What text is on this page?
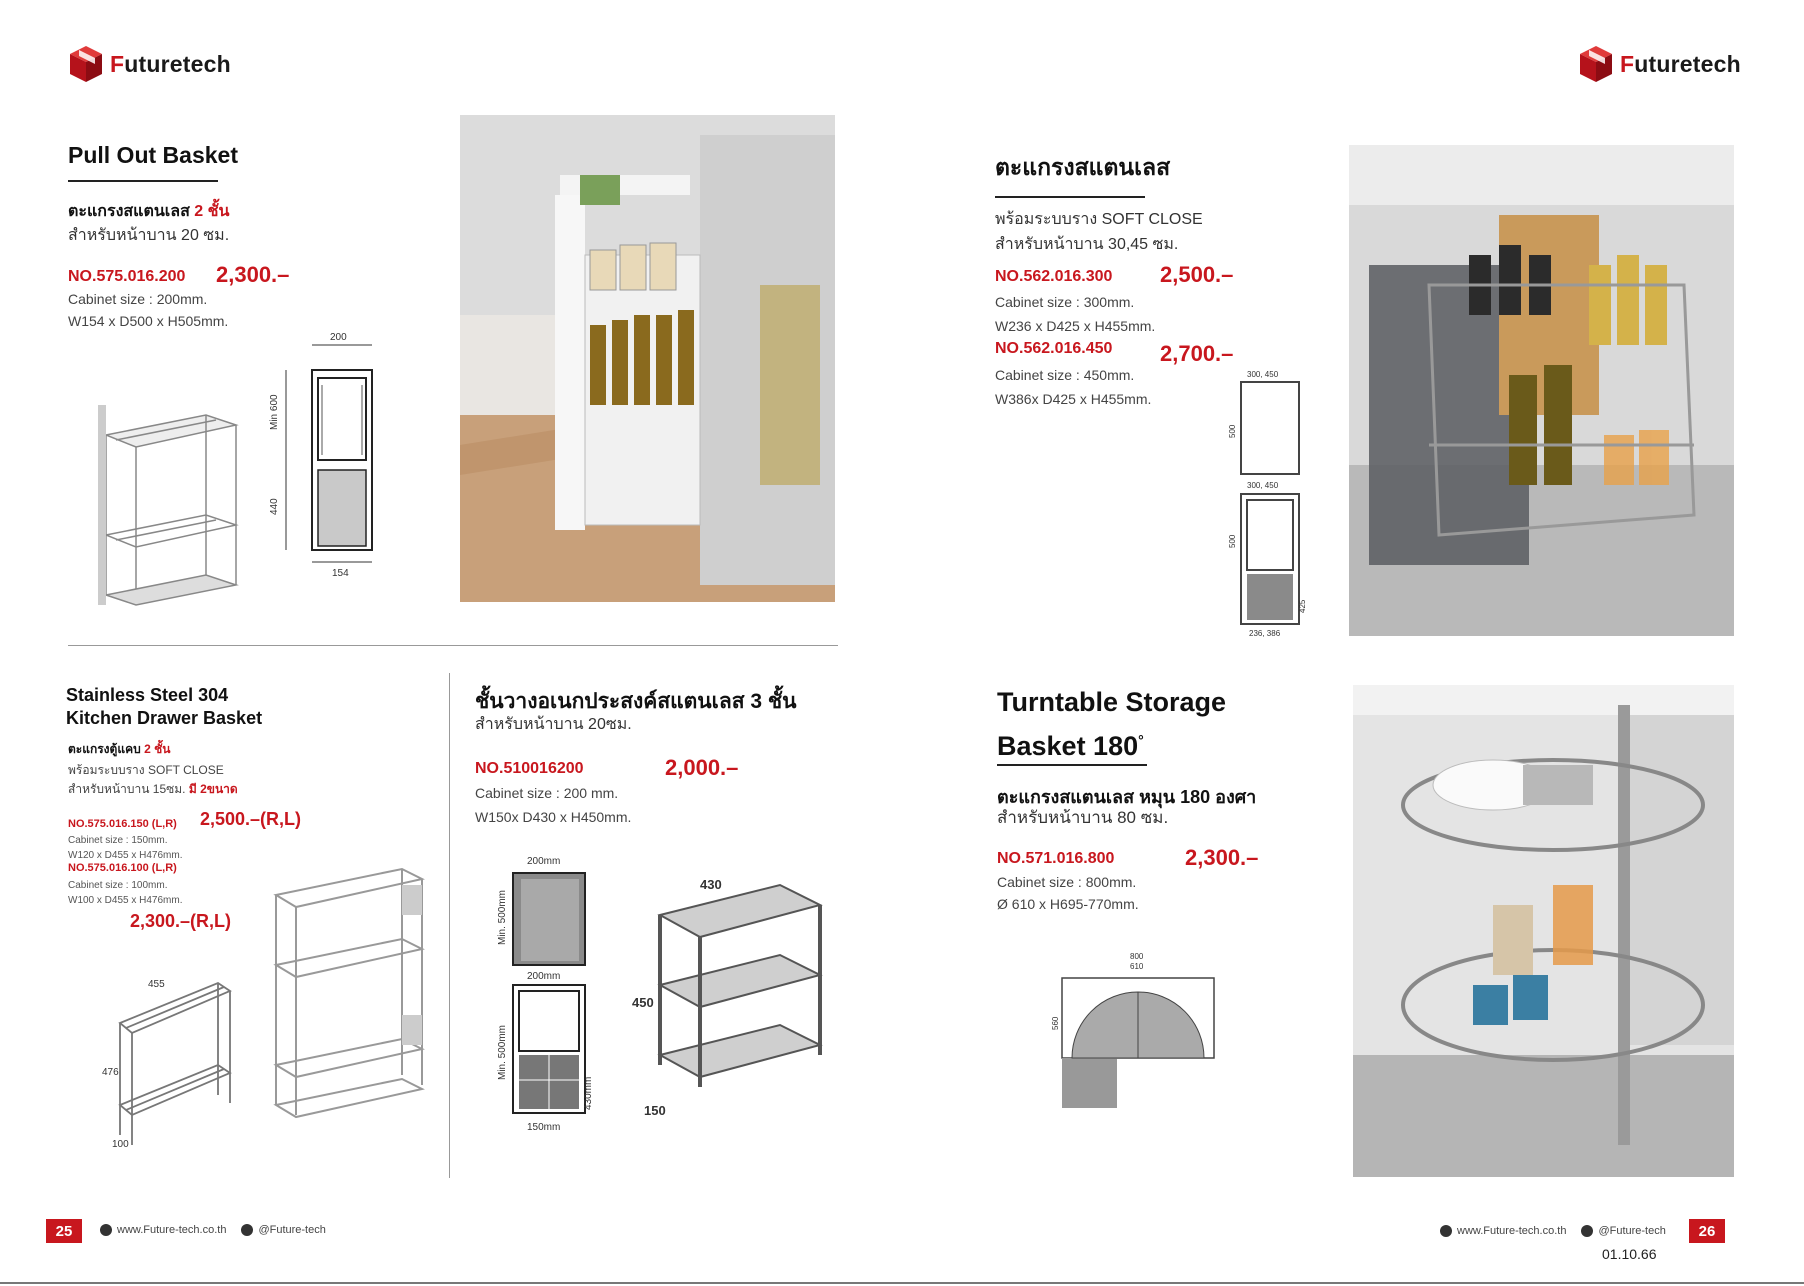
Futuretech	Futuretech
Pull Out Basket
ตะแกรงสแตนเลส 2 ชั้น
สำหรับหน้าบาน 20 ซม.
NO.575.016.200 2,300.–
Cabinet size : 200mm.
W154 x D500 x H505mm.
200
Min 600
440
154
Stainless Steel 304
Kitchen Drawer Basket
ตะแกรงตู้แคบ 2 ชั้น
พร้อมระบบราง SOFT CLOSE
สำหรับหน้าบาน 15ซม. มี 2ขนาด
NO.575.016.150 (L,R) 2,500.–(R,L)
Cabinet size : 150mm.
W120 x D455 x H476mm.
NO.575.016.100 (L,R)
Cabinet size : 100mm.
W100 x D455 x H476mm.
2,300.–(R,L)
455
476
100
ชั้นวางอเนกประสงค์สแตนเลส 3 ชั้น
สำหรับหน้าบาน 20ซม.
NO.510016200	2,000.–
Cabinet size : 200 mm.
W150x D430 x H450mm.
200mm
Min. 500mm
200mm
Min. 500mm
430mm
150mm
430
450
150
25	www.Future-tech.co.th	@Future-tech
ตะแกรงสแตนเลส
พร้อมระบบราง SOFT CLOSE
สำหรับหน้าบาน 30,45 ซม.
NO.562.016.300 2,500.–
Cabinet size : 300mm.
W236 x D425 x H455mm.
NO.562.016.450 2,700.–
Cabinet size : 450mm.
W386x D425 x H455mm.
300, 450
500
300, 450
500
425
236, 386
Turntable Storage
Basket 180°
ตะแกรงสแตนเลส หมุน 180 องศา
สำหรับหน้าบาน 80 ซม.
NO.571.016.800	2,300.–
Cabinet size : 800mm.
Ø 610 x H695-770mm.
800
610
560
www.Future-tech.co.th	@Future-tech	26
01.10.66
